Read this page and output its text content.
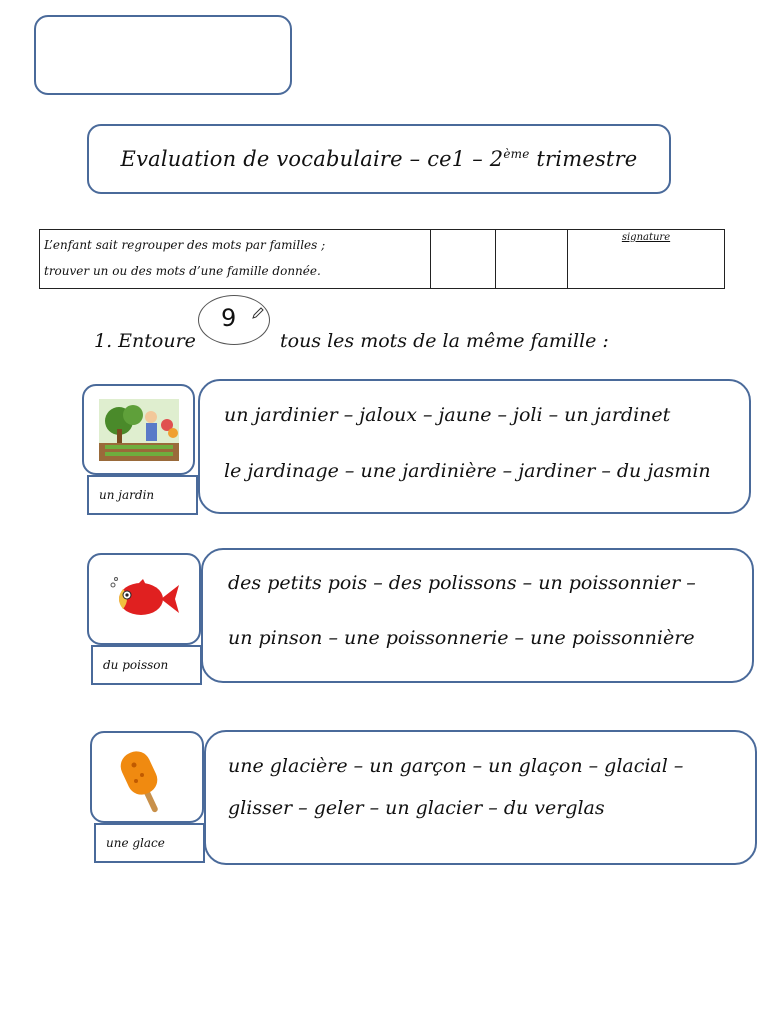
Evaluation de vocabulaire – ce1 – 2ème trimestre
L’enfant sait regrouper des mots par familles ;
trouver un ou des mots d’une famille donnée.
			signature
1. Entoure
9
tous les mots de la même famille :
un jardin
un jardinier – jaloux – jaune – joli – un jardinet
le jardinage – une jardinière – jardiner – du jasmin
du poisson
des petits pois – des polissons – un poissonnier –
un pinson – une poissonnerie – une poissonnière
une glace
une glacière – un garçon – un glaçon – glacial –
glisser – geler – un glacier – du verglas
